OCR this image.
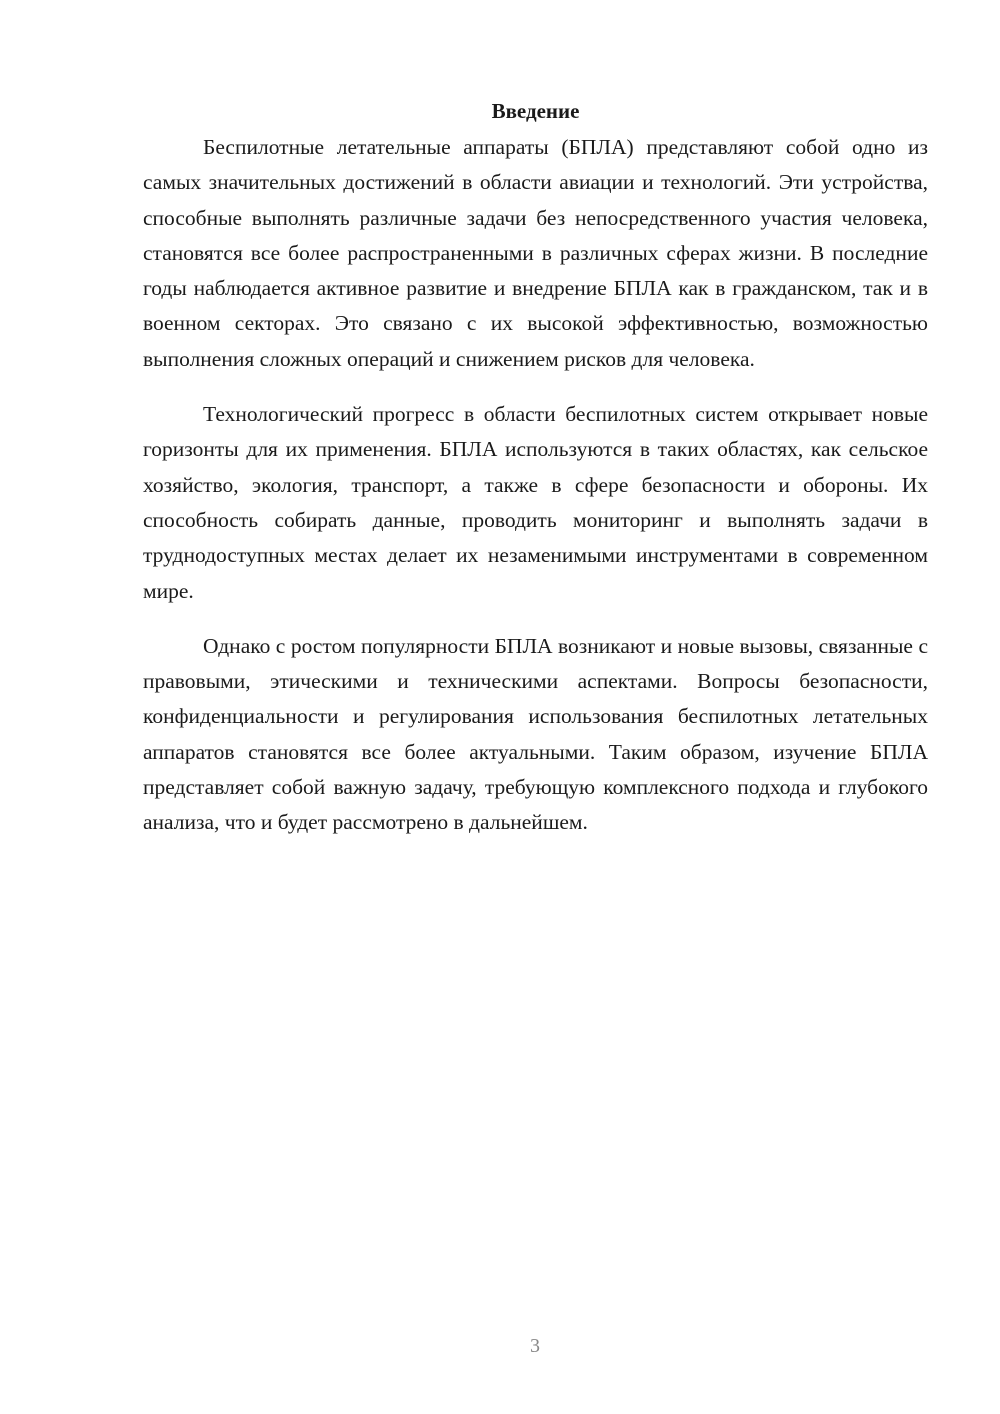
Введение

Беспилотные летательные аппараты (БПЛА) представляют собой одно из самых значительных достижений в области авиации и технологий. Эти устройства, способные выполнять различные задачи без непосредственного участия человека, становятся все более распространенными в различных сферах жизни. В последние годы наблюдается активное развитие и внедрение БПЛА как в гражданском, так и в военном секторах. Это связано с их высокой эффективностью, возможностью выполнения сложных операций и снижением рисков для человека.

Технологический прогресс в области беспилотных систем открывает новые горизонты для их применения. БПЛА используются в таких областях, как сельское хозяйство, экология, транспорт, а также в сфере безопасности и обороны. Их способность собирать данные, проводить мониторинг и выполнять задачи в труднодоступных местах делает их незаменимыми инструментами в современном мире.

Однако с ростом популярности БПЛА возникают и новые вызовы, связанные с правовыми, этическими и техническими аспектами. Вопросы безопасности, конфиденциальности и регулирования использования беспилотных летательных аппаратов становятся все более актуальными. Таким образом, изучение БПЛА представляет собой важную задачу, требующую комплексного подхода и глубокого анализа, что и будет рассмотрено в дальнейшем.

3
